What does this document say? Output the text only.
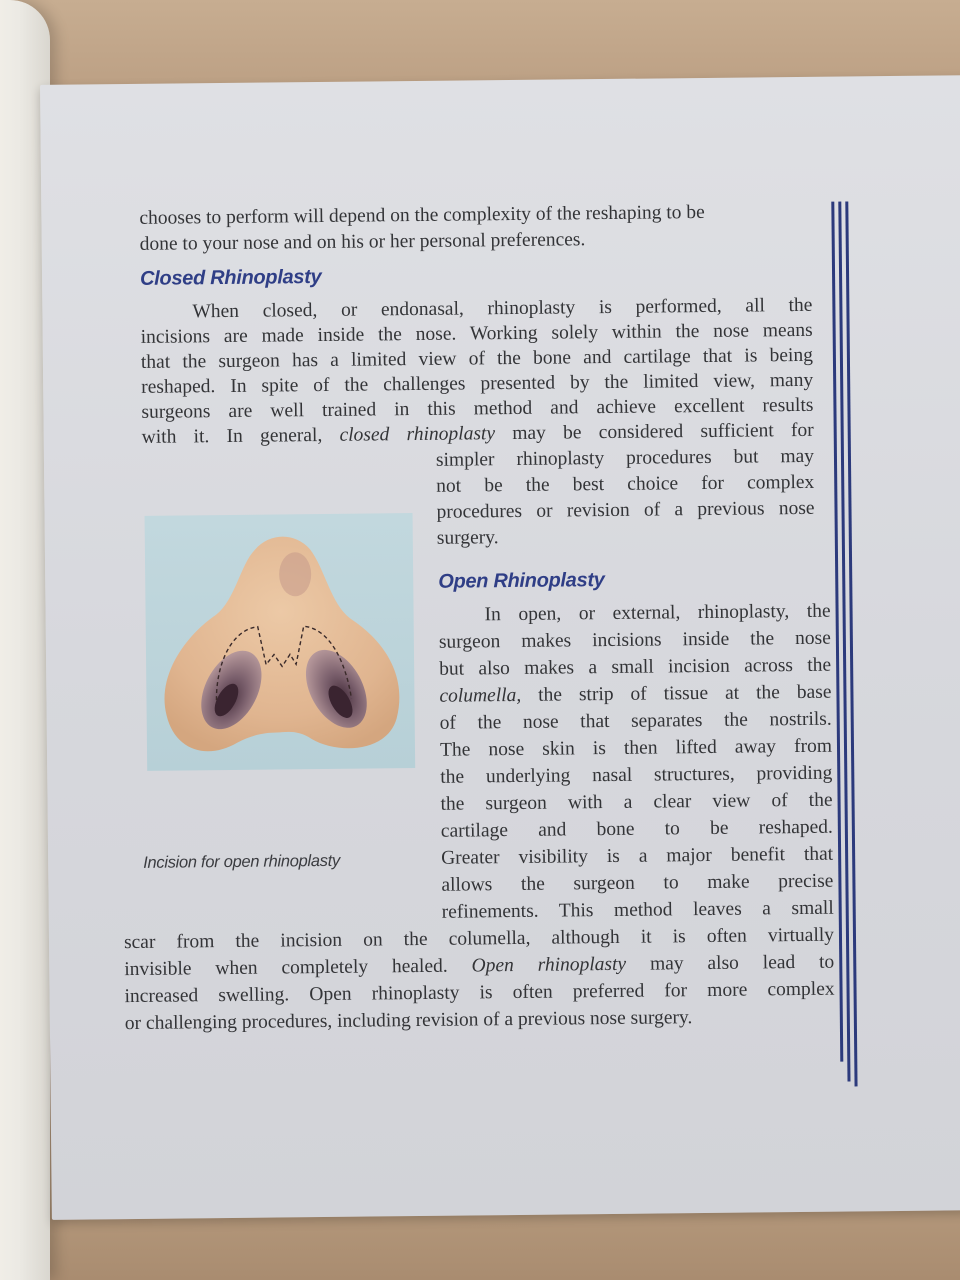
chooses to perform will depend on the complexity of the reshaping to be

done to your nose and on his or her personal preferences.

Closed Rhinoplasty

When closed, or endonasal, rhinoplasty is performed, all the

incisions are made inside the nose. Working solely within the nose means

that the surgeon has a limited view of the bone and cartilage that is being

reshaped. In spite of the challenges presented by the limited view, many

surgeons are well trained in this method and achieve excellent results

with it. In general, closed rhinoplasty may be considered sufficient for

simpler rhinoplasty procedures but may

not be the best choice for complex

procedures or revision of a previous nose

surgery.

Incision for open rhinoplasty

Open Rhinoplasty

In open, or external, rhinoplasty, the

surgeon makes incisions inside the nose

but also makes a small incision across the

columella, the strip of tissue at the base

of the nose that separates the nostrils.

The nose skin is then lifted away from

the underlying nasal structures, providing

the surgeon with a clear view of the

cartilage and bone to be reshaped.

Greater visibility is a major benefit that

allows the surgeon to make precise

refinements. This method leaves a small

scar from the incision on the columella, although it is often virtually

invisible when completely healed. Open rhinoplasty may also lead to

increased swelling. Open rhinoplasty is often preferred for more complex

or challenging procedures, including revision of a previous nose surgery.
